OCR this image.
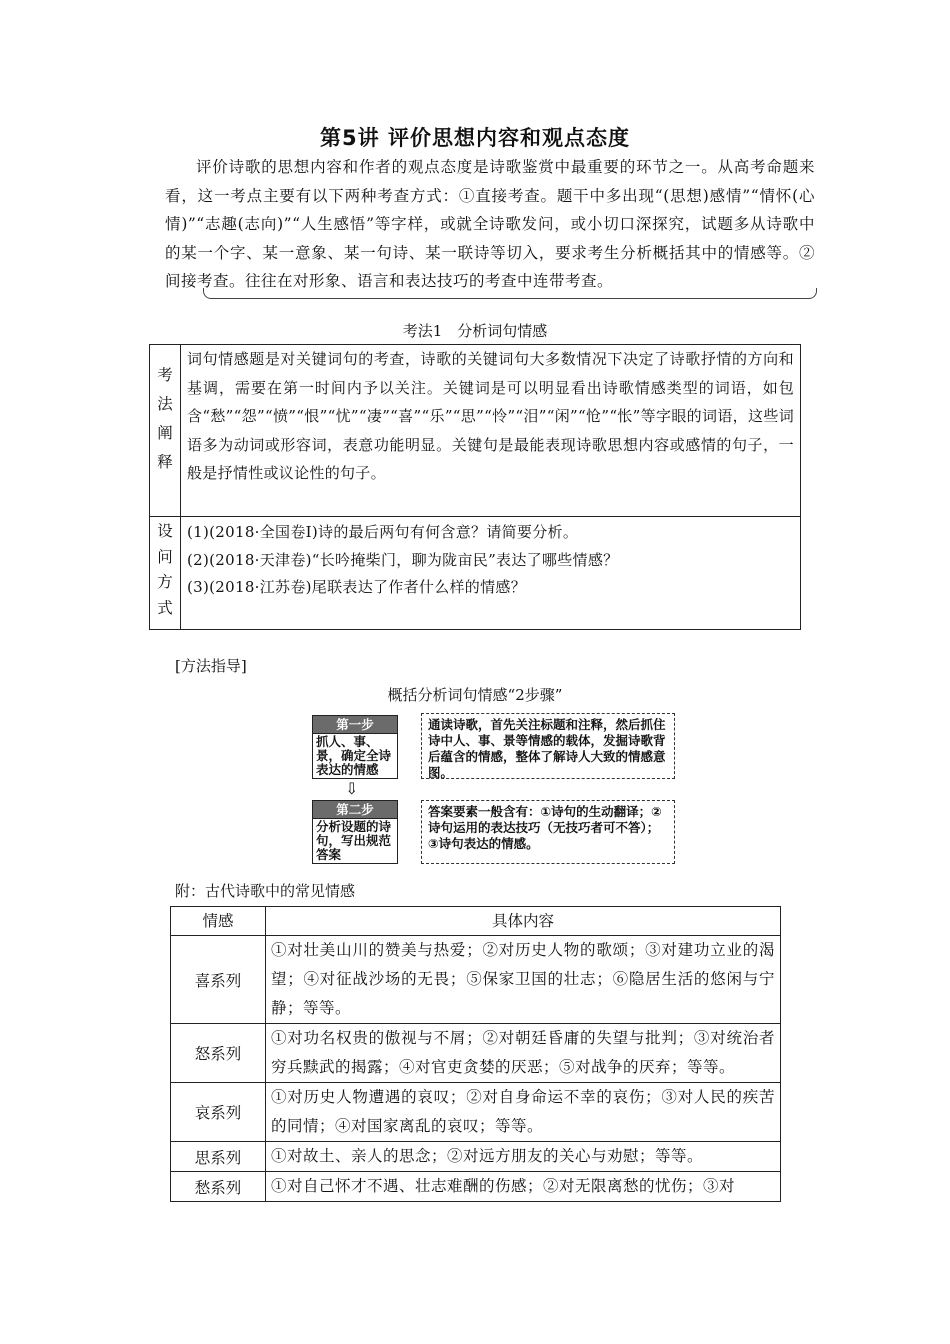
第5讲 评价思想内容和观点态度
评价诗歌的思想内容和作者的观点态度是诗歌鉴赏中最重要的环节之一。从高考命题来看，这一考点主要有以下两种考查方式：①直接考查。题干中多出现“(思想)感情”“情怀(心情)”“志趣(志向)”“人生感悟”等字样，或就全诗歌发问，或小切口深探究，试题多从诗歌中的某一个字、某一意象、某一句诗、某一联诗等切入，要求考生分析概括其中的情感等。②间接考查。往往在对形象、语言和表达技巧的考查中连带考查。
考法1　分析词句情感
考法阐释	词句情感题是对关键词句的考查，诗歌的关键词句大多数情况下决定了诗歌抒情的方向和基调，需要在第一时间内予以关注。关键词是可以明显看出诗歌情感类型的词语，如包含“愁”“怨”“愤”“恨”“忧”“凄”“喜”“乐”“思”“怜”“泪”“闲”“怆”“怅”等字眼的词语，这些词语多为动词或形容词，表意功能明显。关键句是最能表现诗歌思想内容或感情的句子，一般是抒情性或议论性的句子。

设问方式	(1)(2018·全国卷Ⅰ)诗的最后两句有何含意？请简要分析。
(2)(2018·天津卷)“长吟掩柴门，聊为陇亩民”表达了哪些情感？
(3)(2018·江苏卷)尾联表达了作者什么样的情感？
[方法指导]
概括分析词句情感“2步骤”
第一步
抓人、事、景，确定全诗表达的情感
通读诗歌，首先关注标题和注释，然后抓住诗中人、事、景等情感的载体，发掘诗歌背后蕴含的情感，整体了解诗人大致的情感意图。
⇩
第二步
分析设题的诗句，写出规范答案
答案要素一般含有：①诗句的生动翻译；②诗句运用的表达技巧（无技巧者可不答）；③诗句表达的情感。
附：古代诗歌中的常见情感
情感	具体内容
喜系列	①对壮美山川的赞美与热爱；②对历史人物的歌颂；③对建功立业的渴望；④对征战沙场的无畏；⑤保家卫国的壮志；⑥隐居生活的悠闲与宁静；等等。
怒系列	①对功名权贵的傲视与不屑；②对朝廷昏庸的失望与批判；③对统治者穷兵黩武的揭露；④对官吏贪婪的厌恶；⑤对战争的厌弃；等等。
哀系列	①对历史人物遭遇的哀叹；②对自身命运不幸的哀伤；③对人民的疾苦的同情；④对国家离乱的哀叹；等等。
思系列	①对故土、亲人的思念；②对远方朋友的关心与劝慰；等等。
愁系列	①对自己怀才不遇、壮志难酬的伤感；②对无限离愁的忧伤；③对
